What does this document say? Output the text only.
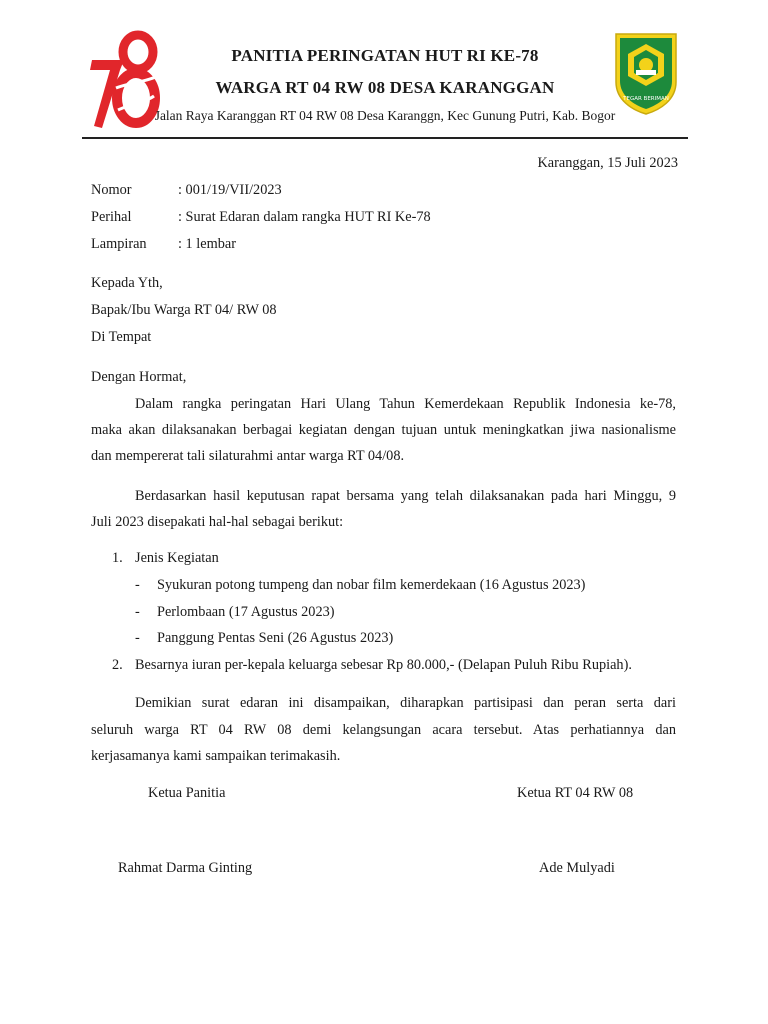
TEGAR BERIMAN
PANITIA PERINGATAN HUT RI KE-78
WARGA RT 04 RW 08 DESA KARANGGAN
Jalan Raya Karanggan RT 04 RW 08 Desa Karanggn, Kec Gunung Putri, Kab. Bogor
Karanggan, 15 Juli 2023
Nomor	: 001/19/VII/2023
Perihal	: Surat Edaran dalam rangka HUT RI Ke-78
Lampiran : 1 lembar
Kepada Yth,
Bapak/Ibu Warga RT 04/ RW 08
Di Tempat
Dengan Hormat,
Dalam rangka peringatan Hari Ulang Tahun Kemerdekaan Republik Indonesia ke-78,
maka akan dilaksanakan berbagai kegiatan dengan tujuan untuk meningkatkan jiwa nasionalisme
dan mempererat tali silaturahmi antar warga RT 04/08.
Berdasarkan hasil keputusan rapat bersama yang telah dilaksanakan pada hari Minggu, 9
Juli 2023 disepakati hal-hal sebagai berikut:
1. Jenis Kegiatan
- Syukuran potong tumpeng dan nobar film kemerdekaan (16 Agustus 2023)
- Perlombaan (17 Agustus 2023)
- Panggung Pentas Seni (26 Agustus 2023)
2. Besarnya iuran per-kepala keluarga sebesar Rp 80.000,- (Delapan Puluh Ribu Rupiah).
Demikian surat edaran ini disampaikan, diharapkan partisipasi dan peran serta dari
seluruh warga RT 04 RW 08 demi kelangsungan acara tersebut. Atas perhatiannya dan
kerjasamanya kami sampaikan terimakasih.
Ketua Panitia	Ketua RT 04 RW 08
Rahmat Darma Ginting	Ade Mulyadi
